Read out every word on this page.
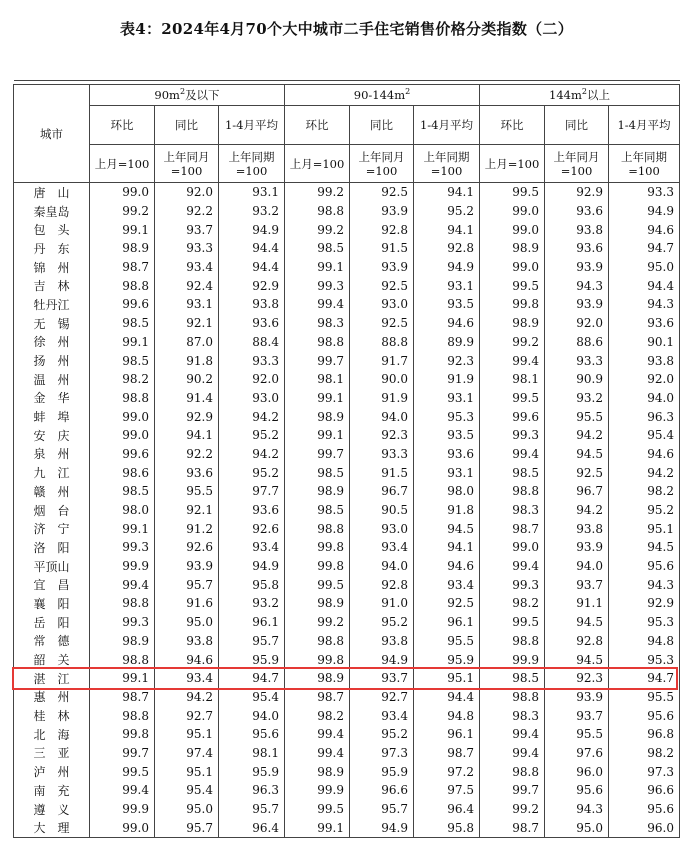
表4：2024年4月70个大中城市二手住宅销售价格分类指数（二）

城市	$90m^2$及以下			$90-144m^2$			$144m^2$以上		
	环比	同比	1-4月平均	环比	同比	1-4月平均	环比	同比	1-4月平均
	上月=100	上年同月=100	上年同期=100	上月=100	上年同月=100	上年同期=100	上月=100	上年同月=100	上年同期=100
唐　山	99.0	92.0	93.1	99.2	92.5	94.1	99.5	92.9	93.3
秦皇岛	99.2	92.2	93.2	98.8	93.9	95.2	99.0	93.6	94.9
包　头	99.1	93.7	94.9	99.2	92.8	94.1	99.0	93.8	94.6
丹　东	98.9	93.3	94.4	98.5	91.5	92.8	98.9	93.6	94.7
锦　州	98.7	93.4	94.4	99.1	93.9	94.9	99.0	93.9	95.0
吉　林	98.8	92.4	92.9	99.3	92.5	93.1	99.5	94.3	94.4
牡丹江	99.6	93.1	93.8	99.4	93.0	93.5	99.8	93.9	94.3
无　锡	98.5	92.1	93.6	98.3	92.5	94.6	98.9	92.0	93.6
徐　州	99.1	87.0	88.4	98.8	88.8	89.9	99.2	88.6	90.1
扬　州	98.5	91.8	93.3	99.7	91.7	92.3	99.4	93.3	93.8
温　州	98.2	90.2	92.0	98.1	90.0	91.9	98.1	90.9	92.0
金　华	98.8	91.4	93.0	99.1	91.9	93.1	99.5	93.2	94.0
蚌　埠	99.0	92.9	94.2	98.9	94.0	95.3	99.6	95.5	96.3
安　庆	99.0	94.1	95.2	99.1	92.3	93.5	99.3	94.2	95.4
泉　州	99.6	92.2	94.2	99.7	93.3	93.6	99.4	94.5	94.6
九　江	98.6	93.6	95.2	98.5	91.5	93.1	98.5	92.5	94.2
赣　州	98.5	95.5	97.7	98.9	96.7	98.0	98.8	96.7	98.2
烟　台	98.0	92.1	93.6	98.5	90.5	91.8	98.3	94.2	95.2
济　宁	99.1	91.2	92.6	98.8	93.0	94.5	98.7	93.8	95.1
洛　阳	99.3	92.6	93.4	99.8	93.4	94.1	99.0	93.9	94.5
平顶山	99.9	93.9	94.9	99.8	94.0	94.6	99.4	94.0	95.6
宜　昌	99.4	95.7	95.8	99.5	92.8	93.4	99.3	93.7	94.3
襄　阳	98.8	91.6	93.2	98.9	91.0	92.5	98.2	91.1	92.9
岳　阳	99.3	95.0	96.1	99.2	95.2	96.1	99.5	94.5	95.3
常　德	98.9	93.8	95.7	98.8	93.8	95.5	98.8	92.8	94.8
韶　关	98.8	94.6	95.9	99.8	94.9	95.9	99.9	94.5	95.3
湛　江	99.1	93.4	94.7	98.9	93.7	95.1	98.5	92.3	94.7
惠　州	98.7	94.2	95.4	98.7	92.7	94.4	98.8	93.9	95.5
桂　林	98.8	92.7	94.0	98.2	93.4	94.8	98.3	93.7	95.6
北　海	99.8	95.1	95.6	99.4	95.2	96.1	99.4	95.5	96.8
三　亚	99.7	97.4	98.1	99.4	97.3	98.7	99.4	97.6	98.2
泸　州	99.5	95.1	95.9	98.9	95.9	97.2	98.8	96.0	97.3
南　充	99.4	95.4	96.3	99.9	96.6	97.5	99.7	95.6	96.6
遵　义	99.9	95.0	95.7	99.5	95.7	96.4	99.2	94.3	95.6
大　理	99.0	95.7	96.4	99.1	94.9	95.8	98.7	95.0	96.0
